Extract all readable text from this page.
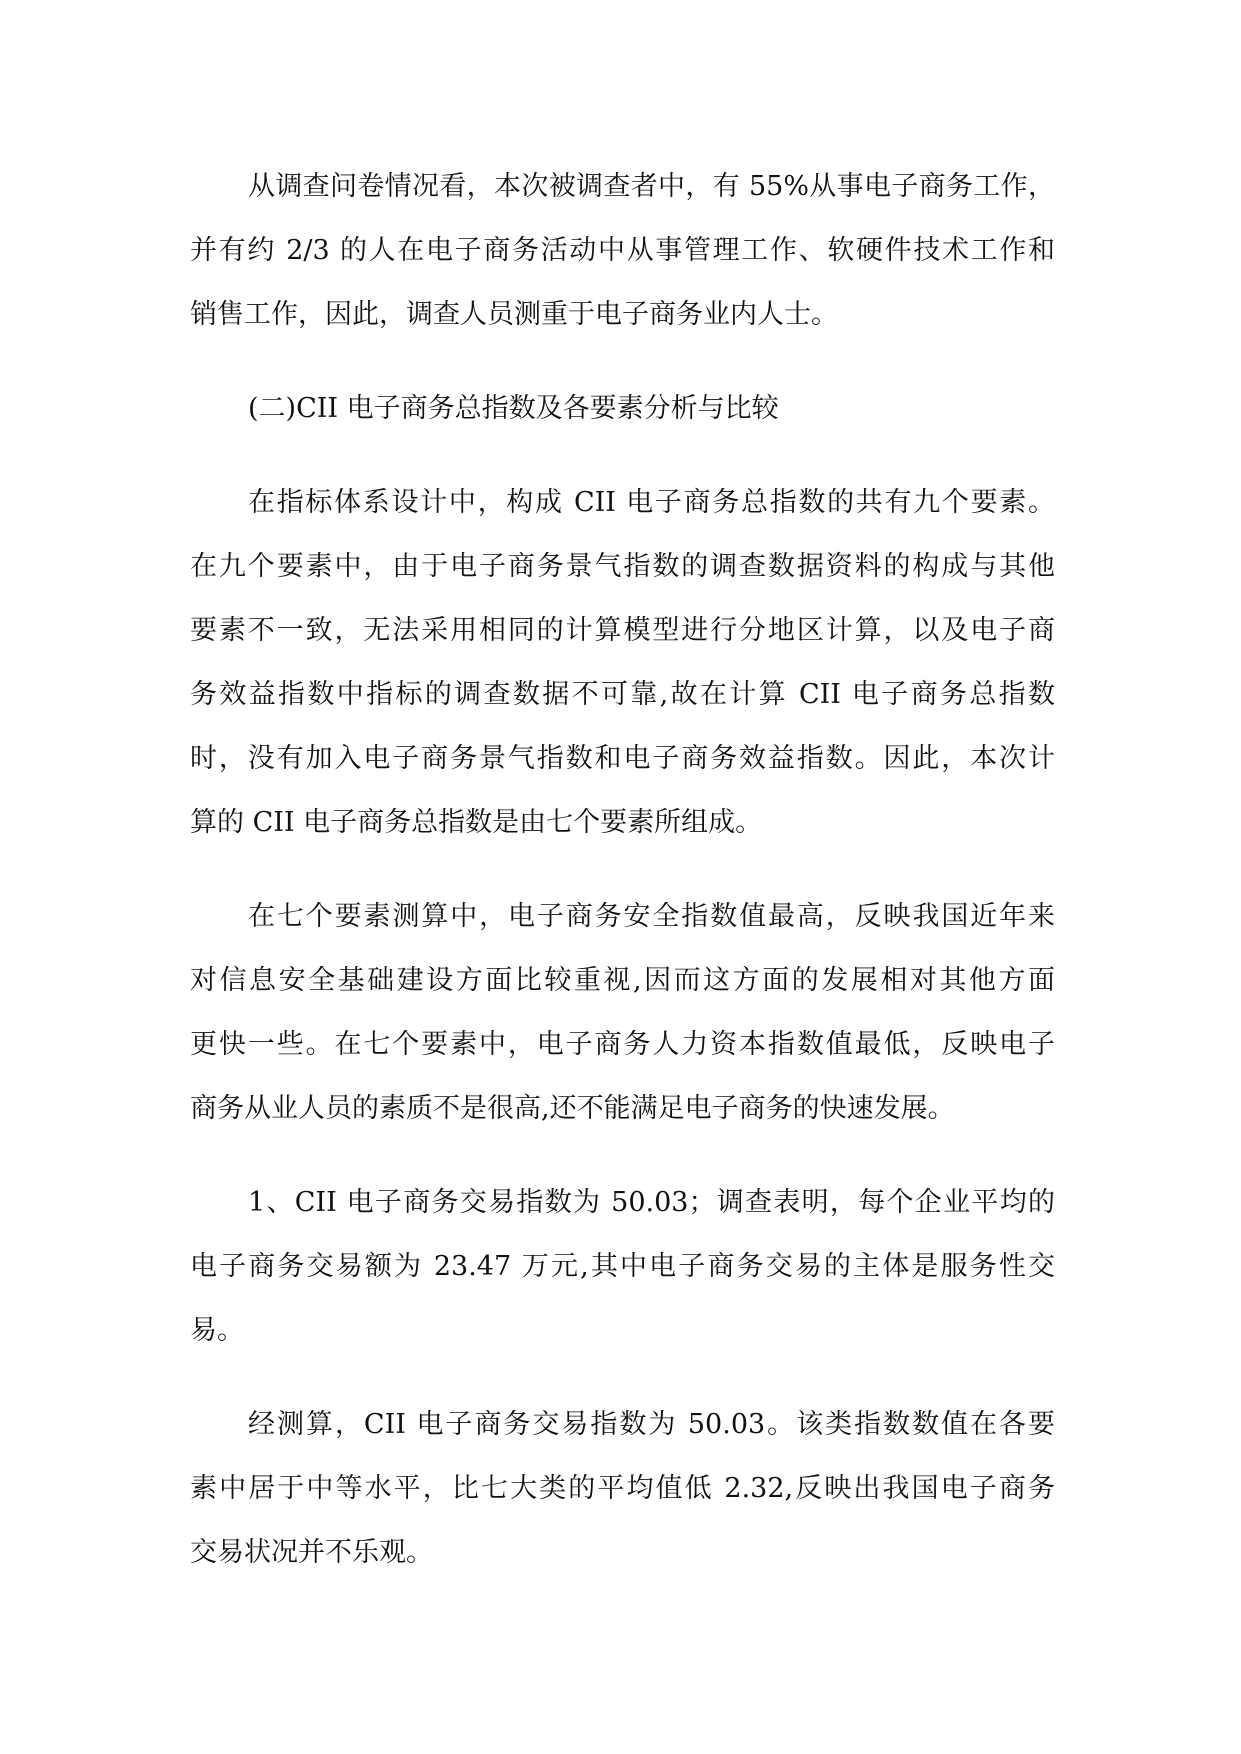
从调查问卷情况看，本次被调查者中，有 55%从事电子商务工作，
并有约 2/3 的人在电子商务活动中从事管理工作、软硬件技术工作和
销售工作，因此，调查人员测重于电子商务业内人士。
(二)CII 电子商务总指数及各要素分析与比较
在指标体系设计中，构成 CII 电子商务总指数的共有九个要素。
在九个要素中，由于电子商务景气指数的调查数据资料的构成与其他
要素不一致，无法采用相同的计算模型进行分地区计算，以及电子商
务效益指数中指标的调查数据不可靠,故在计算 CII 电子商务总指数
时，没有加入电子商务景气指数和电子商务效益指数。因此，本次计
算的 CII 电子商务总指数是由七个要素所组成。
在七个要素测算中，电子商务安全指数值最高，反映我国近年来
对信息安全基础建设方面比较重视,因而这方面的发展相对其他方面
更快一些。在七个要素中，电子商务人力资本指数值最低，反映电子
商务从业人员的素质不是很高,还不能满足电子商务的快速发展。
1、CII 电子商务交易指数为 50.03；调查表明，每个企业平均的
电子商务交易额为 23.47 万元,其中电子商务交易的主体是服务性交
易。
经测算，CII 电子商务交易指数为 50.03。该类指数数值在各要
素中居于中等水平，比七大类的平均值低 2.32,反映出我国电子商务
交易状况并不乐观。
